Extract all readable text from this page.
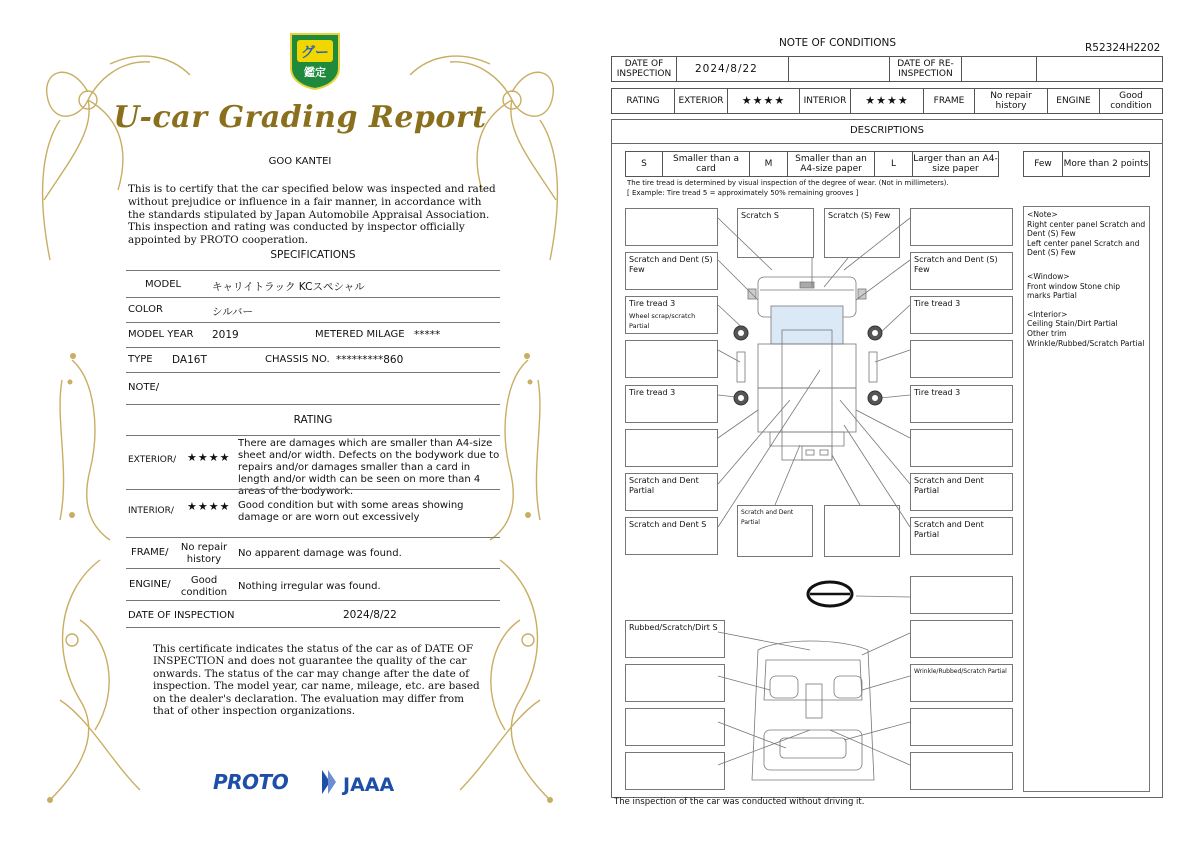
グー
鑑定
U-car Grading Report
GOO KANTEI
This is to certify that the car specified below was inspected and rated without prejudice or influence in a fair manner, in accordance with the standards stipulated by Japan Automobile Appraisal Association. This inspection and rating was conducted by inspector officially appointed by PROTO cooperation.
SPECIFICATIONS
MODEL	キャリイトラック KCスペシャル
COLOR	シルバー
MODEL YEAR 2019	METERED MILAGE *****
TYPE DA16T	CHASSIS NO. *********860
NOTE/
RATING
EXTERIOR/ ★★★★
There are damages which are smaller than A4-size sheet and/or width. Defects on the bodywork due to repairs and/or damages smaller than a card in length and/or width can be seen on more than 4 areas of the bodywork.
INTERIOR/ ★★★★ Good condition but with some areas showing damage or are worn out excessively
FRAME/	No repair history
No apparent damage was found.
ENGINE/	Good condition
Nothing irregular was found.
DATE OF INSPECTION	2024/8/22
This certificate indicates the status of the car as of DATE OF INSPECTION and does not guarantee the quality of the car onwards. The status of the car may change after the date of inspection. The model year, car name, mileage, etc. are based on the dealer's declaration. The evaluation may differ from that of other inspection organizations.
PROTO	JAAA
NOTE OF CONDITIONS	R52324H2202
DATE OF INSPECTION	2024/8/22	DATE OF RE-INSPECTION
RATING	EXTERIOR	★★★★	INTERIOR	★★★★	FRAME	No repair history	ENGINE	Good condition
DESCRIPTIONS
S	Smaller than a card	M	Smaller than an A4-size paper	L	Larger than an A4-size paper	Few	More than 2 points
The tire tread is determined by visual inspection of the degree of wear. (Not in millimeters).
[ Example: Tire tread 5 = approximately 50% remaining grooves ]
Scratch and Dent (S) Few
Tire tread 3
Wheel scrap/scratch Partial
Tire tread 3
Scratch and Dent Partial
Scratch and Dent S
Scratch S	Scratch (S) Few
Scratch and Dent (S) Few
Tire tread 3
Tire tread 3
Scratch and Dent Partial
Scratch and Dent Partial
Scratch and Dent Partial
Rubbed/Scratch/Dirt S
Wrinkle/Rubbed/Scratch Partial

<Note>
Right center panel Scratch and Dent (S) Few
Left center panel Scratch and Dent (S) Few

<Window>
Front window Stone chip marks Partial

<Interior>
Ceiling Stain/Dirt Partial
Other trim
Wrinkle/Rubbed/Scratch Partial

The inspection of the car was conducted without driving it.
